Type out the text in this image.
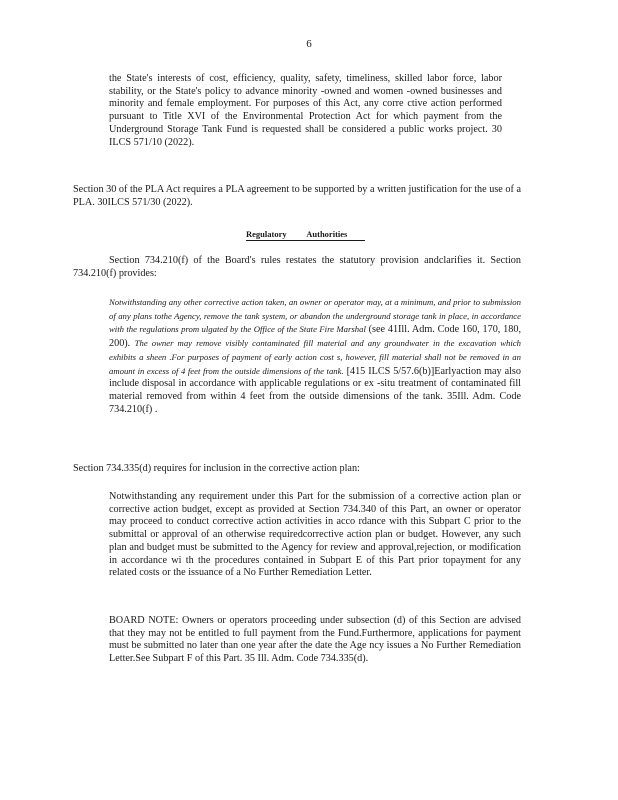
6

the State's interests of cost, efficiency, quality, safety, timeliness, skilled labor force, labor stability, or the State's policy to advance minority -owned and women -owned businesses and minority and female employment. For purposes of this Act, any corre ctive action performed pursuant to Title XVI of the Environmental Protection Act for which payment from the Underground Storage Tank Fund is requested shall be considered a public works project. 30 ILCS 571/10 (2022).

Section 30 of the PLA Act requires a PLA agreement to be supported by a written justification for the use of a PLA. 30ILCS 571/30 (2022).

Regulatory Authorities

Section 734.210(f) of the Board's rules restates the statutory provision andclarifies it. Section 734.210(f) provides:

Notwithstanding any other corrective action taken, an owner or operator may, at a minimum, and prior to submission of any plans tothe Agency, remove the tank system, or abandon the underground storage tank in place, in accordance with the regulations prom ulgated by the Office of the State Fire Marshal (see 41Ill. Adm. Code 160, 170, 180, 200). The owner may remove visibly contaminated fill material and any groundwater in the excavation which exhibits a sheen .For purposes of payment of early action cost s, however, fill material shall not be removed in an amount in excess of 4 feet from the outside dimensions of the tank. [415 ILCS 5/57.6(b)]Earlyaction may also include disposal in accordance with applicable regulations or ex -situ treatment of contaminated fill material removed from within 4 feet from the outside dimensions of the tank. 35Ill. Adm. Code 734.210(f) .

Section 734.335(d) requires for inclusion in the corrective action plan:

Notwithstanding any requirement under this Part for the submission of a corrective action plan or corrective action budget, except as provided at Section 734.340 of this Part, an owner or operator may proceed to conduct corrective action activities in acco rdance with this Subpart C prior to the submittal or approval of an otherwise requiredcorrective action plan or budget. However, any such plan and budget must be submitted to the Agency for review and approval,rejection, or modification in accordance wi th the procedures contained in Subpart E of this Part prior topayment for any related costs or the issuance of a No Further Remediation Letter.

BOARD NOTE: Owners or operators proceeding under subsection (d) of this Section are advised that they may not be entitled to full payment from the Fund.Furthermore, applications for payment must be submitted no later than one year after the date the Age ncy issues a No Further Remediation Letter.See Subpart F of this Part. 35 Ill. Adm. Code 734.335(d).
